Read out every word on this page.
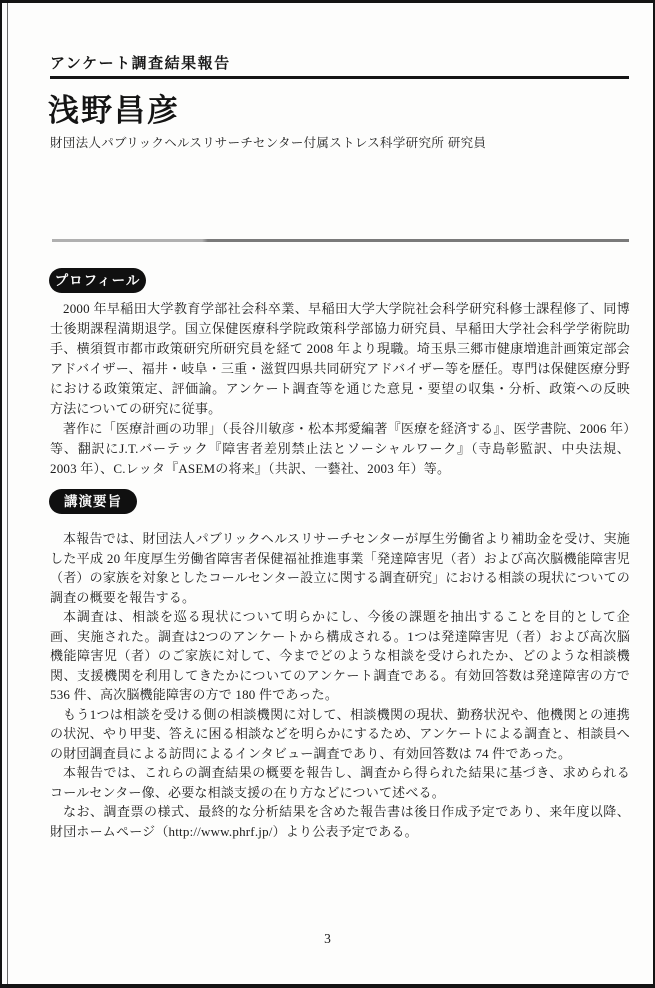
アンケート調査結果報告
浅野昌彦
財団法人パブリックヘルスリサーチセンター付属ストレス科学研究所 研究員
プロフィール

2000 年早稲田大学教育学部社会科卒業、早稲田大学大学院社会科学研究科修士課程修了、同博士後期課程満期退学。国立保健医療科学院政策科学部協力研究員、早稲田大学社会科学学術院助手、横須賀市都市政策研究所研究員を経て 2008 年より現職。埼玉県三郷市健康増進計画策定部会アドバイザー、福井・岐阜・三重・滋賀四県共同研究アドバイザー等を歴任。専門は保健医療分野における政策策定、評価論。アンケート調査等を通じた意見・要望の収集・分析、政策への反映方法についての研究に従事。

著作に「医療計画の功罪」（長谷川敏彦・松本邦愛編著『医療を経済する』、医学書院、2006 年）等、翻訳にJ.T.バーテック『障害者差別禁止法とソーシャルワーク』（寺島彰監訳、中央法規、2003 年）、C.レッタ『ASEMの将来』（共訳、一藝社、2003 年）等。

講演要旨

本報告では、財団法人パブリックヘルスリサーチセンターが厚生労働省より補助金を受け、実施した平成 20 年度厚生労働省障害者保健福祉推進事業「発達障害児（者）および高次脳機能障害児（者）の家族を対象としたコールセンター設立に関する調査研究」における相談の現状についての調査の概要を報告する。

本調査は、相談を巡る現状について明らかにし、今後の課題を抽出することを目的として企画、実施された。調査は2つのアンケートから構成される。1つは発達障害児（者）および高次脳機能障害児（者）のご家族に対して、今までどのような相談を受けられたか、どのような相談機関、支援機関を利用してきたかについてのアンケート調査である。有効回答数は発達障害の方で 536 件、高次脳機能障害の方で 180 件であった。

もう1つは相談を受ける側の相談機関に対して、相談機関の現状、勤務状況や、他機関との連携の状況、やり甲斐、答えに困る相談などを明らかにするため、アンケートによる調査と、相談員への財団調査員による訪問によるインタビュー調査であり、有効回答数は 74 件であった。

本報告では、これらの調査結果の概要を報告し、調査から得られた結果に基づき、求められるコールセンター像、必要な相談支援の在り方などについて述べる。

なお、調査票の様式、最終的な分析結果を含めた報告書は後日作成予定であり、来年度以降、財団ホームページ（http://www.phrf.jp/）より公表予定である。

3
